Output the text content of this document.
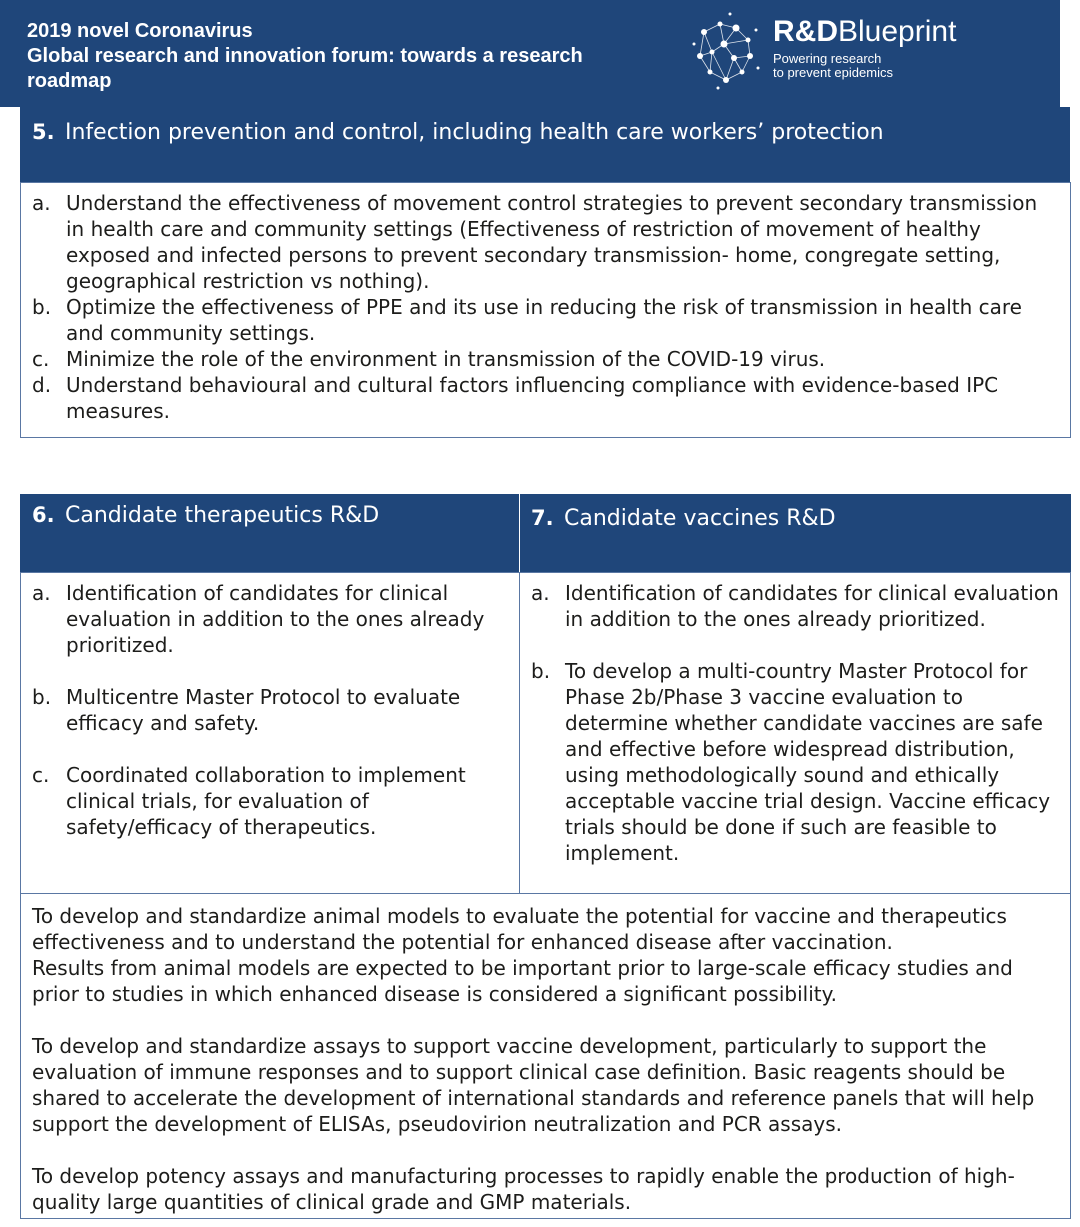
2019 novel Coronavirus
Global research and innovation forum: towards a research
roadmap
R&DBlueprint
Powering research
to prevent epidemics
5. Infection prevention and control, including health care workers’ protection
a. Understand the effectiveness of movement control strategies to prevent secondary transmission in health care and community settings (Effectiveness of restriction of movement of healthy exposed and infected persons to prevent secondary transmission- home, congregate setting, geographical restriction vs nothing).
b. Optimize the effectiveness of PPE and its use in reducing the risk of transmission in health care and community settings.
c. Minimize the role of the environment in transmission of the COVID-19 virus.
d. Understand behavioural and cultural factors influencing compliance with evidence-based IPC measures.
6. Candidate therapeutics R&D	7. Candidate vaccines R&D
a. Identification of candidates for clinical evaluation in addition to the ones already prioritized.
b. Multicentre Master Protocol to evaluate efficacy and safety.
c. Coordinated collaboration to implement clinical trials, for evaluation of safety/efficacy of therapeutics.
a. Identification of candidates for clinical evaluation in addition to the ones already prioritized.
b. To develop a multi-country Master Protocol for Phase 2b/Phase 3 vaccine evaluation to determine whether candidate vaccines are safe and effective before widespread distribution, using methodologically sound and ethically acceptable vaccine trial design. Vaccine efficacy trials should be done if such are feasible to implement.

To develop and standardize animal models to evaluate the potential for vaccine and therapeutics effectiveness and to understand the potential for enhanced disease after vaccination.

Results from animal models are expected to be important prior to large-scale efficacy studies and prior to studies in which enhanced disease is considered a significant possibility.

To develop and standardize assays to support vaccine development, particularly to support the evaluation of immune responses and to support clinical case definition. Basic reagents should be shared to accelerate the development of international standards and reference panels that will help support the development of ELISAs, pseudovirion neutralization and PCR assays.

To develop potency assays and manufacturing processes to rapidly enable the production of high-quality large quantities of clinical grade and GMP materials.
